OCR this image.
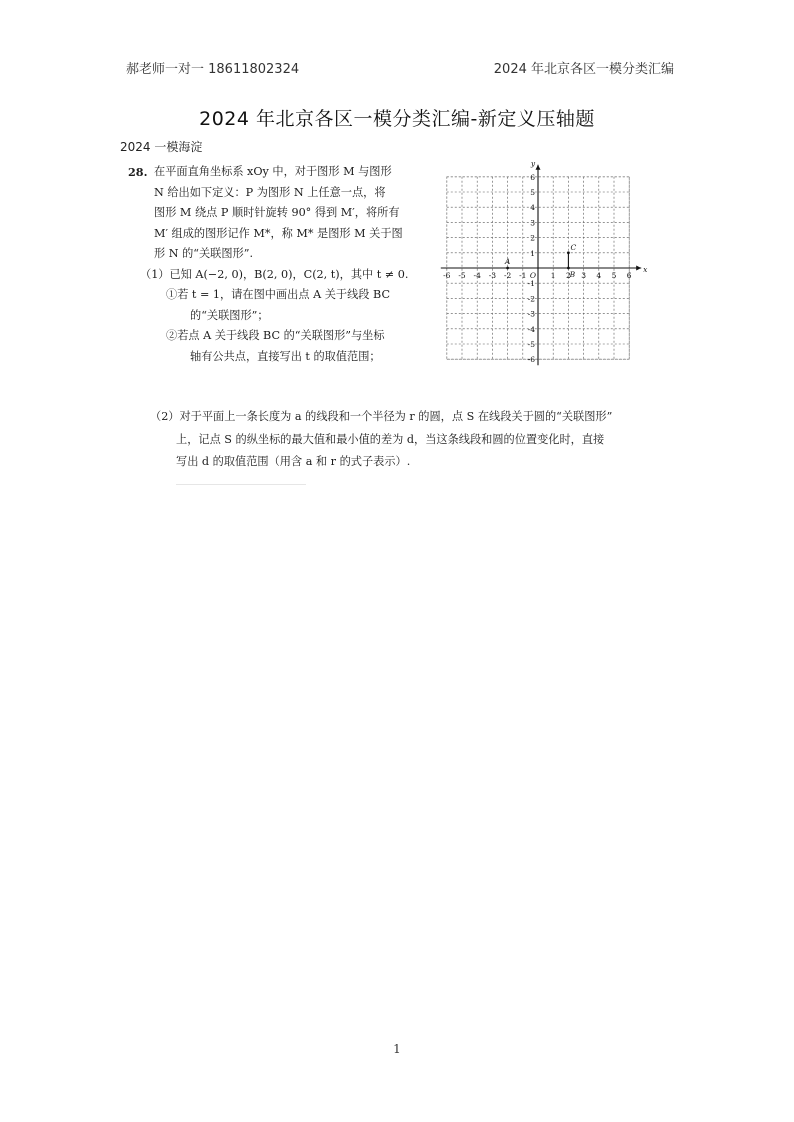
郝老师一对一 18611802324	2024 年北京各区一模分类汇编
2024 年北京各区一模分类汇编-新定义压轴题
2024 一模海淀
28. 在平面直角坐标系 xOy 中，对于图形 M 与图形
N 给出如下定义：P 为图形 N 上任意一点，将
图形 M 绕点 P 顺时针旋转 90° 得到 M′，将所有
M′ 组成的图形记作 M*，称 M* 是图形 M 关于图
形 N 的“关联图形”.
（1）已知 A(−2, 0)，B(2, 0)，C(2, t)，其中 t ≠ 0.
①若 t = 1，请在图中画出点 A 关于线段 BC
的“关联图形”；
②若点 A 关于线段 BC 的“关联图形”与坐标
轴有公共点，直接写出 t 的取值范围；
x
y
O
-6 -5 -4 -3 -2 -1	1 2 3 4 5 6
6
5
4
3
2
1
-1
-2
-3
-4
-5
-6
A
B
C
（2）对于平面上一条长度为 a 的线段和一个半径为 r 的圆，点 S 在线段关于圆的“关联图形”
上，记点 S 的纵坐标的最大值和最小值的差为 d，当这条线段和圆的位置变化时，直接
写出 d 的取值范围（用含 a 和 r 的式子表示）.
1
